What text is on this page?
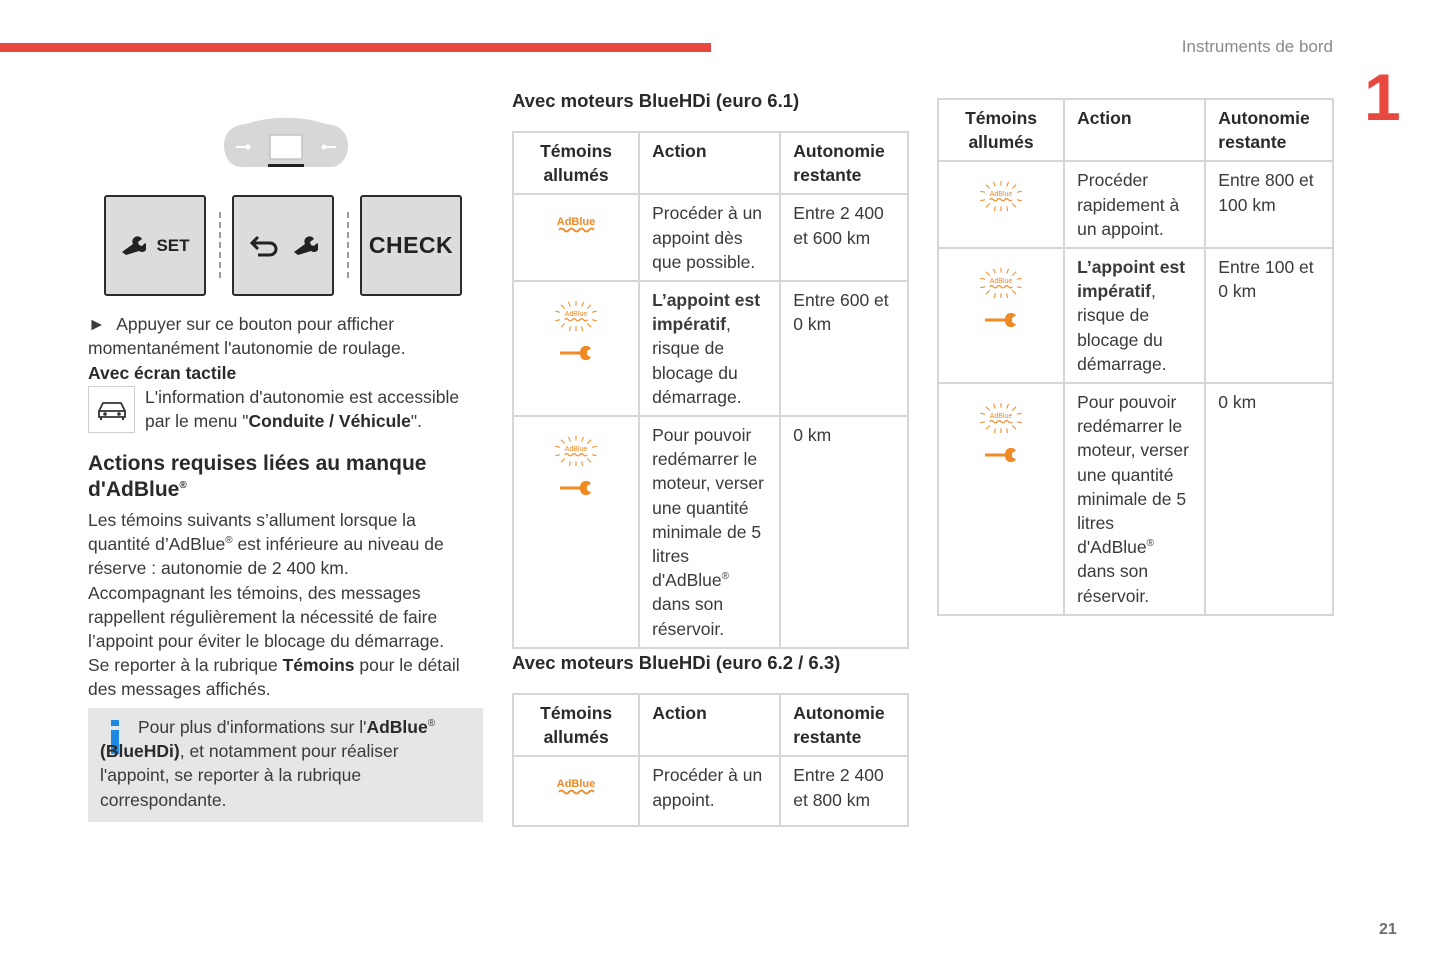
Instruments de bord
1
21
SET	CHECK
► Appuyer sur ce bouton pour afficher momentanément l'autonomie de roulage.
Avec écran tactile
L'information d'autonomie est accessible par le menu "Conduite / Véhicule".
Actions requises liées au manque d'AdBlue®
Les témoins suivants s’allument lorsque la quantité d’AdBlue® est inférieure au niveau de réserve : autonomie de 2 400 km.
Accompagnant les témoins, des messages rappellent régulièrement la nécessité de faire l’appoint pour éviter le blocage du démarrage.
Se reporter à la rubrique Témoins pour le détail des messages affichés.
Pour plus d'informations sur l'AdBlue® (BlueHDi), et notamment pour réaliser l'appoint, se reporter à la rubrique correspondante.
Avec moteurs BlueHDi (euro 6.1)
Témoins allumés	Action	Autonomie restante

	Procéder à un appoint dès que possible.	Entre 2 400 et 600 km

	L’appoint est impératif, risque de blocage du démarrage.	Entre 600 et 0 km

	Pour pouvoir redémarrer le moteur, verser une quantité minimale de 5 litres d'AdBlue® dans son réservoir.	0 km
Avec moteurs BlueHDi (euro 6.2 / 6.3)
Témoins allumés	Action	Autonomie restante

	Procéder à un appoint.	Entre 2 400 et 800 km
Témoins allumés	Action	Autonomie restante

	Procéder rapidement à un appoint.	Entre 800 et 100 km

	L’appoint est impératif, risque de blocage du démarrage.	Entre 100 et 0 km

	Pour pouvoir redémarrer le moteur, verser une quantité minimale de 5 litres d'AdBlue® dans son réservoir.	0 km
